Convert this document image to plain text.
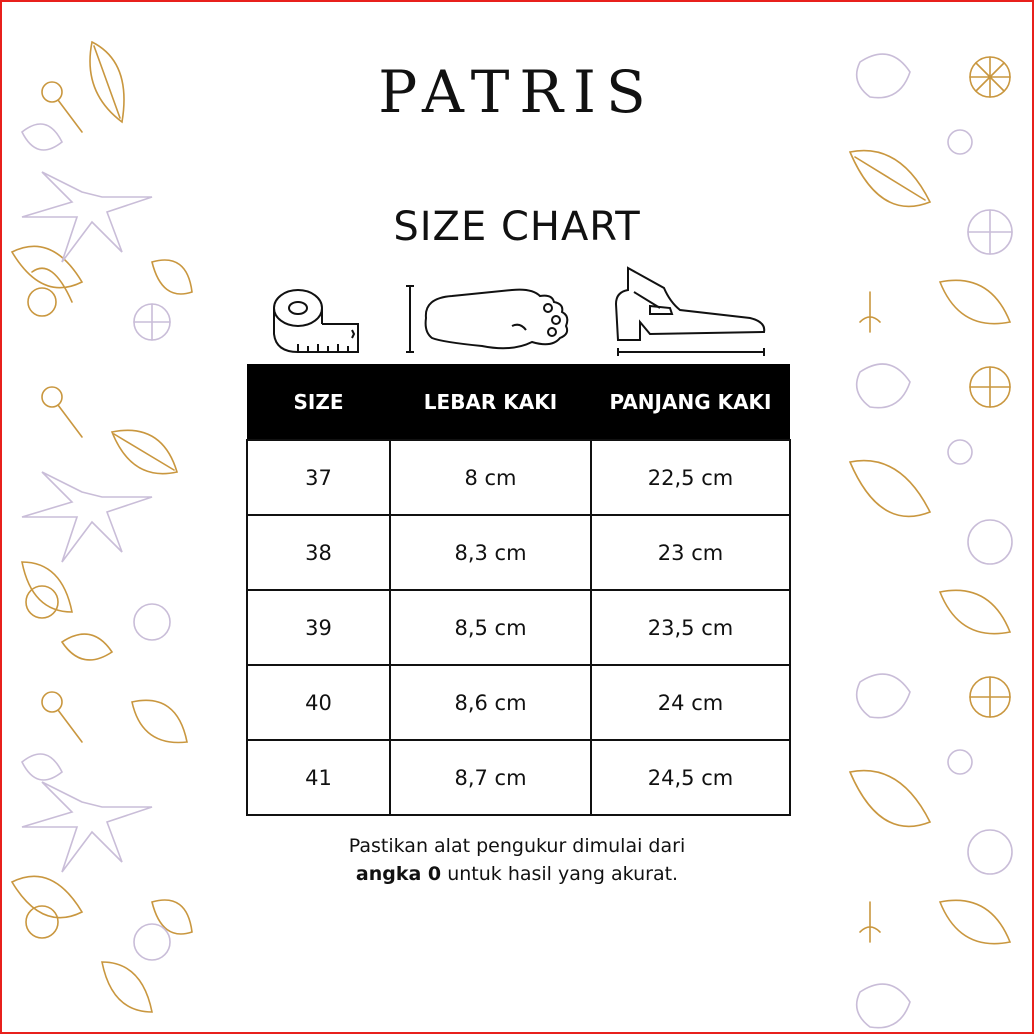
PATRIS
SIZE CHART
SIZE	LEBAR KAKI	PANJANG KAKI
37	8 cm	22,5 cm
38	8,3 cm	23 cm
39	8,5 cm	23,5 cm
40	8,6 cm	24 cm
41	8,7 cm	24,5 cm
Pastikan alat pengukur dimulai dari
angka 0 untuk hasil yang akurat.
